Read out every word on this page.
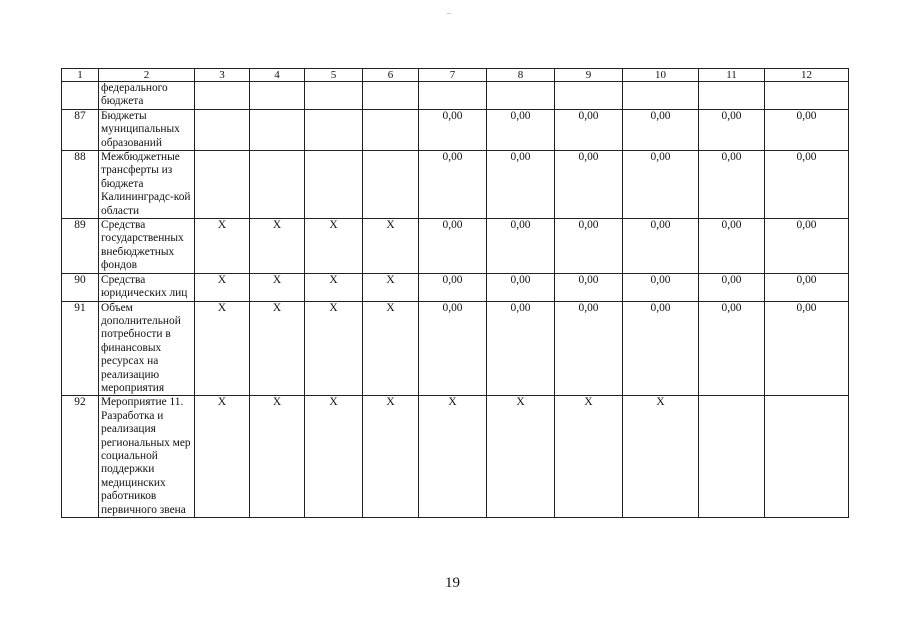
1	2	3	4	5	6	7	8	9	10	11	12
	федерального бюджета										
87	Бюджеты муниципальных образований					0,00	0,00	0,00	0,00	0,00	0,00
88	Межбюджетные трансферты из бюджета Калининградс-кой области					0,00	0,00	0,00	0,00	0,00	0,00
89	Средства государственных внебюджетных фондов	X	X	X	X	0,00	0,00	0,00	0,00	0,00	0,00
90	Средства юридических лиц	X	X	X	X	0,00	0,00	0,00	0,00	0,00	0,00
91	Объем дополнительной потребности в финансовых ресурсах на реализацию мероприятия	X	X	X	X	0,00	0,00	0,00	0,00	0,00	0,00
92	Мероприятие 11. Разработка и реализация региональных мер социальной поддержки медицинских работников первичного звена	X	X	X	X	X	X	X	X		
19
